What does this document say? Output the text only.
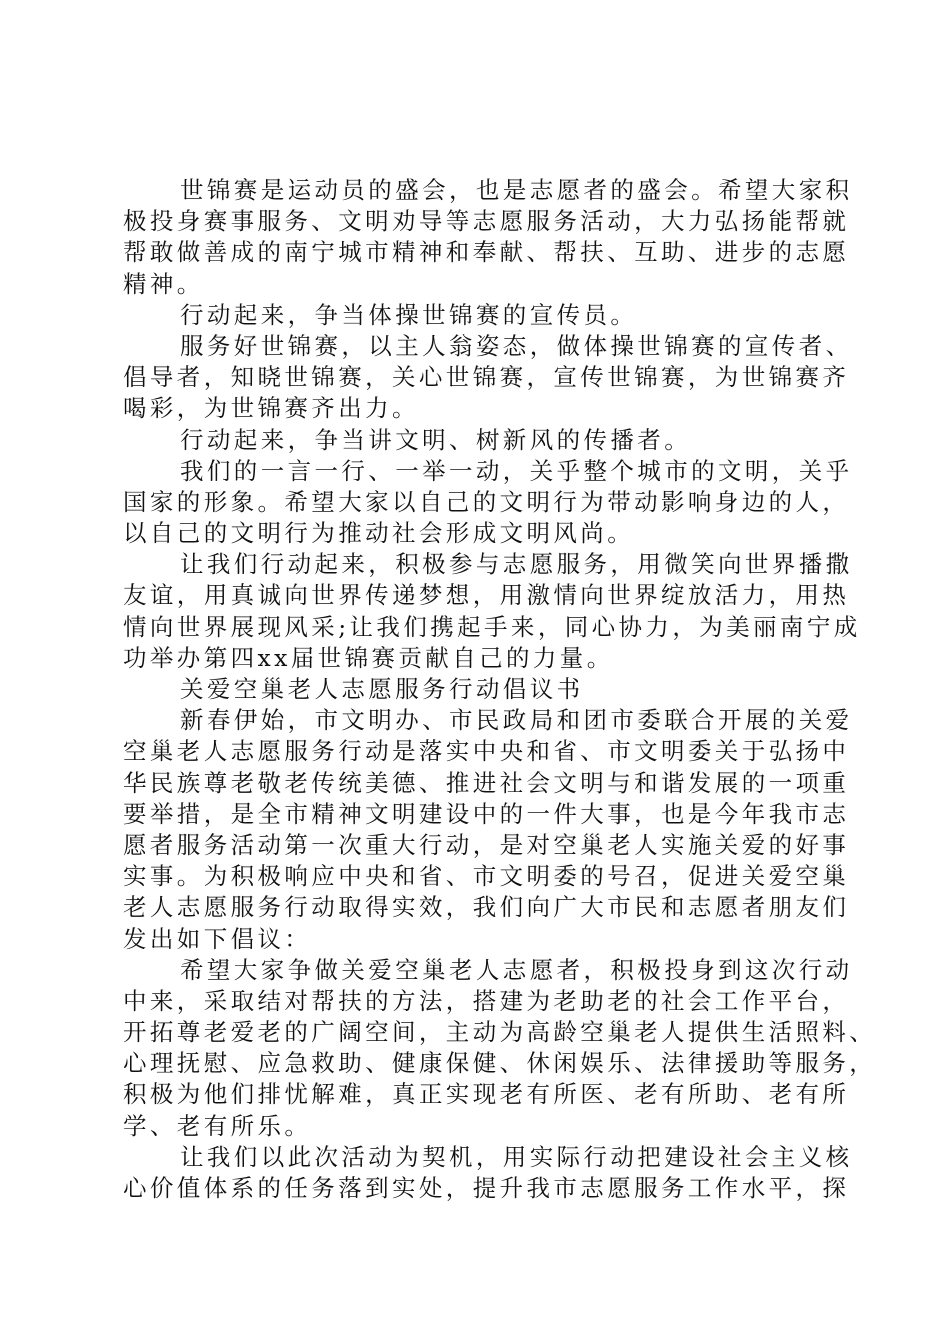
世锦赛是运动员的盛会，也是志愿者的盛会。希望大家积
极投身赛事服务、文明劝导等志愿服务活动，大力弘扬能帮就
帮敢做善成的南宁城市精神和奉献、帮扶、互助、进步的志愿
精神。
行动起来，争当体操世锦赛的宣传员。
服务好世锦赛，以主人翁姿态，做体操世锦赛的宣传者、
倡导者，知晓世锦赛，关心世锦赛，宣传世锦赛，为世锦赛齐
喝彩，为世锦赛齐出力。
行动起来，争当讲文明、树新风的传播者。
我们的一言一行、一举一动，关乎整个城市的文明，关乎
国家的形象。希望大家以自己的文明行为带动影响身边的人，
以自己的文明行为推动社会形成文明风尚。
让我们行动起来，积极参与志愿服务，用微笑向世界播撒
友谊，用真诚向世界传递梦想，用激情向世界绽放活力，用热
情向世界展现风采;让我们携起手来，同心协力，为美丽南宁成
功举办第四xx届世锦赛贡献自己的力量。
关爱空巢老人志愿服务行动倡议书
新春伊始，市文明办、市民政局和团市委联合开展的关爱
空巢老人志愿服务行动是落实中央和省、市文明委关于弘扬中
华民族尊老敬老传统美德、推进社会文明与和谐发展的一项重
要举措，是全市精神文明建设中的一件大事，也是今年我市志
愿者服务活动第一次重大行动，是对空巢老人实施关爱的好事
实事。为积极响应中央和省、市文明委的号召，促进关爱空巢
老人志愿服务行动取得实效，我们向广大市民和志愿者朋友们
发出如下倡议：
希望大家争做关爱空巢老人志愿者，积极投身到这次行动
中来，采取结对帮扶的方法，搭建为老助老的社会工作平台，
开拓尊老爱老的广阔空间，主动为高龄空巢老人提供生活照料、
心理抚慰、应急救助、健康保健、休闲娱乐、法律援助等服务，
积极为他们排忧解难，真正实现老有所医、老有所助、老有所
学、老有所乐。
让我们以此次活动为契机，用实际行动把建设社会主义核
心价值体系的任务落到实处，提升我市志愿服务工作水平，探
